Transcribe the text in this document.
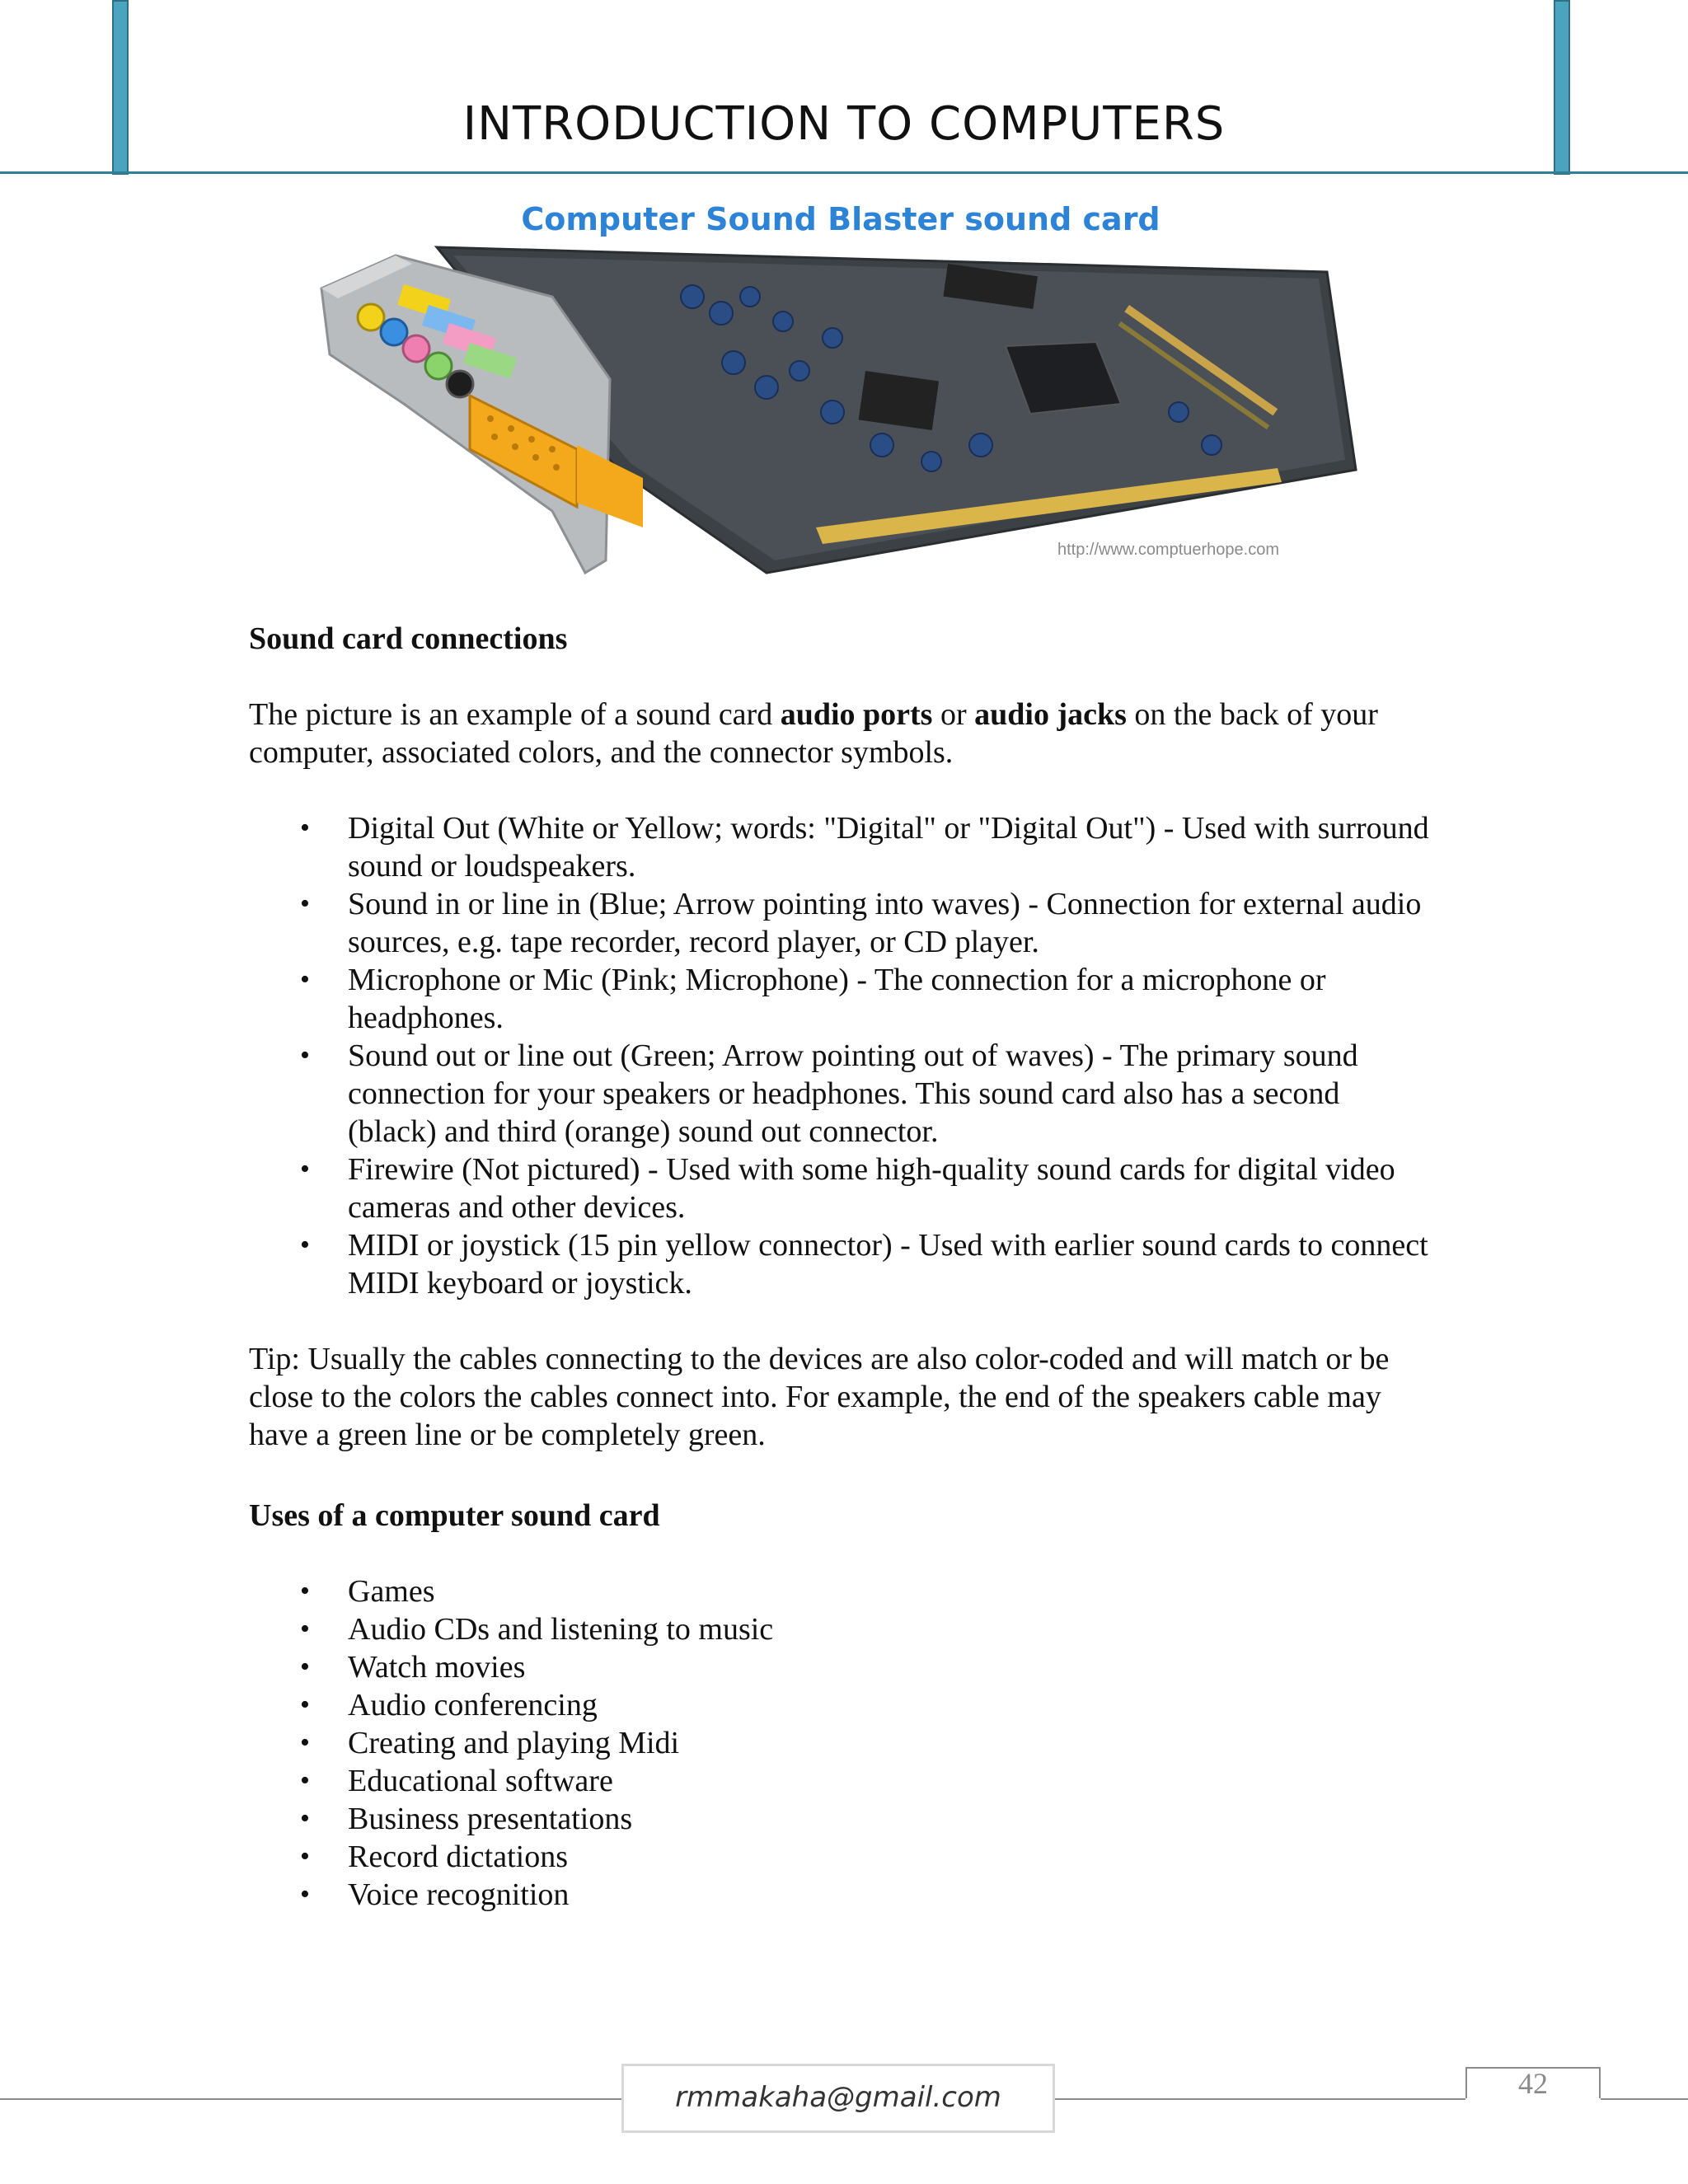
INTRODUCTION TO COMPUTERS
Computer Sound Blaster sound card
http://www.comptuerhope.com

Sound card connections

The picture is an example of a sound card audio ports or audio jacks on the back of your computer, associated colors, and the connector symbols.

• Digital Out (White or Yellow; words: "Digital" or "Digital Out") - Used with surround sound or loudspeakers.
• Sound in or line in (Blue; Arrow pointing into waves) - Connection for external audio sources, e.g. tape recorder, record player, or CD player.
• Microphone or Mic (Pink; Microphone) - The connection for a microphone or headphones.
• Sound out or line out (Green; Arrow pointing out of waves) - The primary sound connection for your speakers or headphones. This sound card also has a second (black) and third (orange) sound out connector.
• Firewire (Not pictured) - Used with some high-quality sound cards for digital video cameras and other devices.
• MIDI or joystick (15 pin yellow connector) - Used with earlier sound cards to connect MIDI keyboard or joystick.

Tip: Usually the cables connecting to the devices are also color-coded and will match or be close to the colors the cables connect into. For example, the end of the speakers cable may have a green line or be completely green.

Uses of a computer sound card

• Games
• Audio CDs and listening to music
• Watch movies
• Audio conferencing
• Creating and playing Midi
• Educational software
• Business presentations
• Record dictations
• Voice recognition
rmmakaha@gmail.com	42
